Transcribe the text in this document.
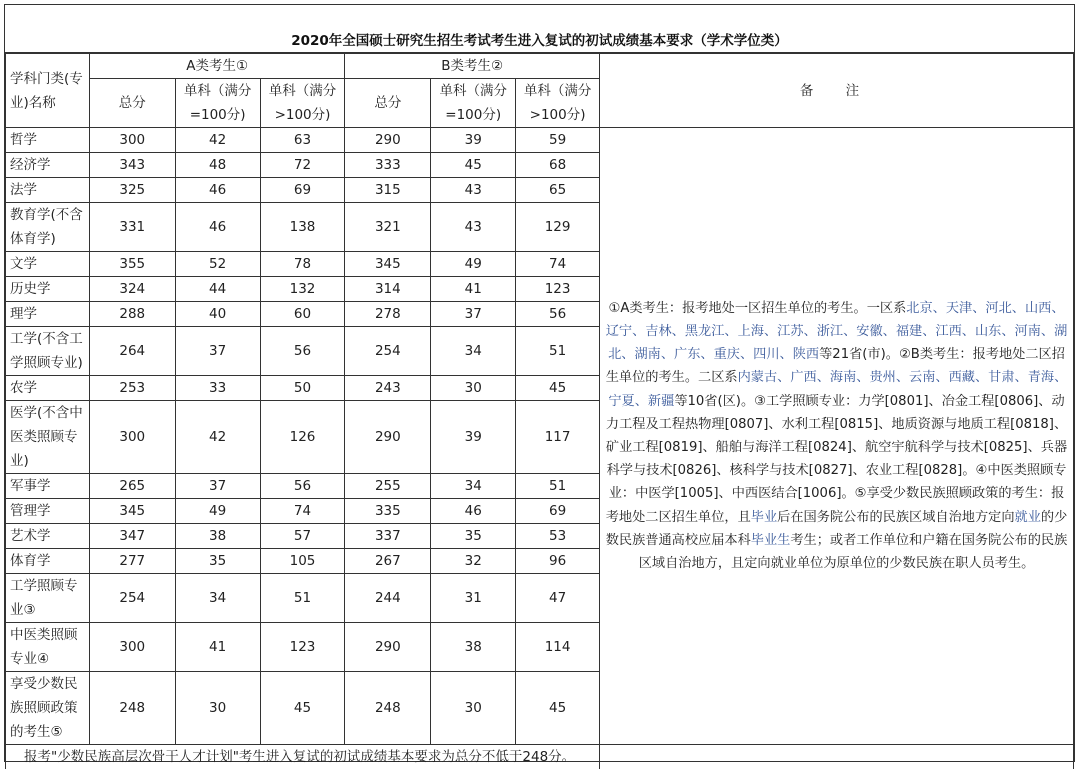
2020年全国硕士研究生招生考试考生进入复试的初试成绩基本要求（学术学位类）
学科门类(专业)名称	A类考生①			B类考生②			备 注
	总分	单科（满分=100分)	单科（满分>100分)	总分	单科（满分=100分)	单科（满分>100分)	
哲学	300	42	63	290	39	59	①A类考生：报考地处一区招生单位的考生。一区系北京、天津、河北、山西、辽宁、吉林、黑龙江、上海、江苏、浙江、安徽、福建、江西、山东、河南、湖北、湖南、广东、重庆、四川、陕西等21省(市)。②B类考生：报考地处二区招生单位的考生。二区系内蒙古、广西、海南、贵州、云南、西藏、甘肃、青海、宁夏、新疆等10省(区)。③工学照顾专业：力学[0801]、冶金工程[0806]、动力工程及工程热物理[0807]、水利工程[0815]、地质资源与地质工程[0818]、矿业工程[0819]、船舶与海洋工程[0824]、航空宇航科学与技术[0825]、兵器科学与技术[0826]、核科学与技术[0827]、农业工程[0828]。④中医类照顾专业：中医学[1005]、中西医结合[1006]。⑤享受少数民族照顾政策的考生：报考地处二区招生单位，且毕业后在国务院公布的民族区域自治地方定向就业的少数民族普通高校应届本科毕业生考生；或者工作单位和户籍在国务院公布的民族区域自治地方，且定向就业单位为原单位的少数民族在职人员考生。
经济学	343	48	72	333	45	68	
法学	325	46	69	315	43	65	
教育学(不含体育学)	331	46	138	321	43	129	
文学	355	52	78	345	49	74	
历史学	324	44	132	314	41	123	
理学	288	40	60	278	37	56	
工学(不含工学照顾专业)	264	37	56	254	34	51	
农学	253	33	50	243	30	45	
医学(不含中医类照顾专业)	300	42	126	290	39	117	
军事学	265	37	56	255	34	51	
管理学	345	49	74	335	46	69	
艺术学	347	38	57	337	35	53	
体育学	277	35	105	267	32	96	
工学照顾专业③	254	34	51	244	31	47	
中医类照顾专业④	300	41	123	290	38	114	
享受少数民族照顾政策的考生⑤	248	30	45	248	30	45	
报考"少数民族高层次骨干人才计划"考生进入复试的初试成绩基本要求为总分不低于248分。							
